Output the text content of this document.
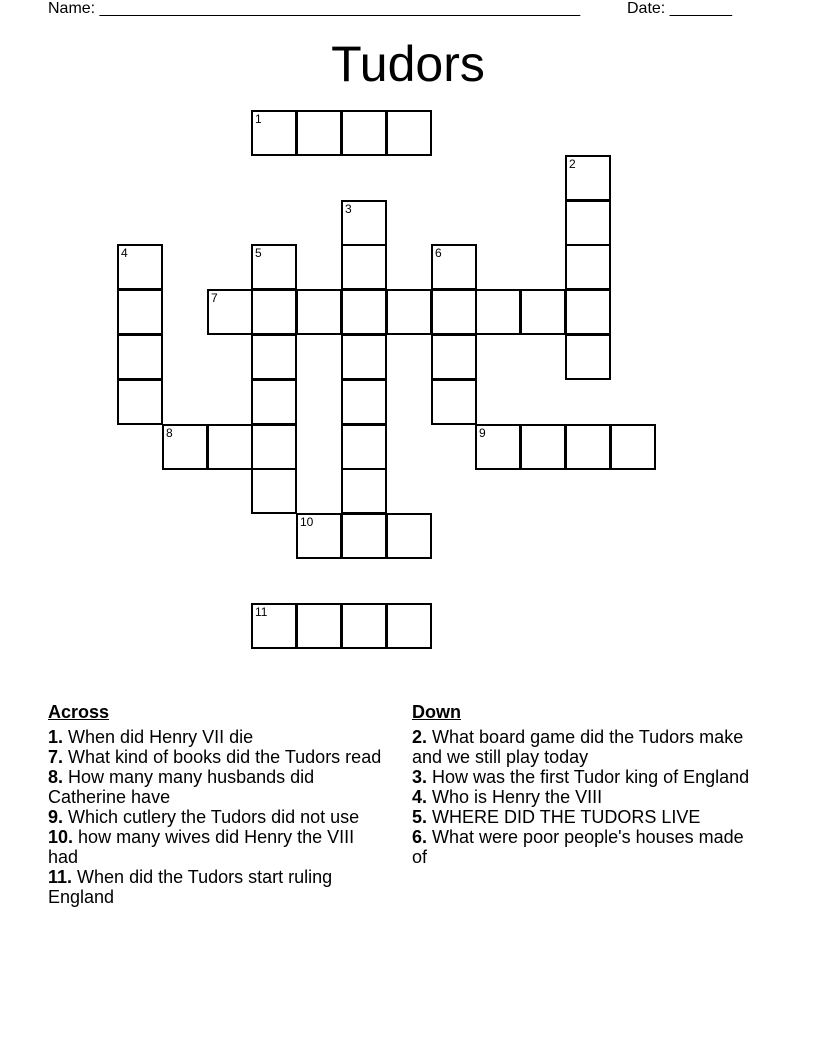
Name: ______________________________________________________	Date: _______
Tudors
1
2
3
4	5	6
7
8	9
10
11
Across

1. When did Henry VII die

7. What kind of books did the Tudors read

8. How many many husbands did Catherine have

9. Which cutlery the Tudors did not use

10. how many wives did Henry the VIII had

11. When did the Tudors start ruling England

Down

2. What board game did the Tudors make and we still play today

3. How was the first Tudor king of England

4. Who is Henry the VIII

5. WHERE DID THE TUDORS LIVE

6. What were poor people's houses made of
